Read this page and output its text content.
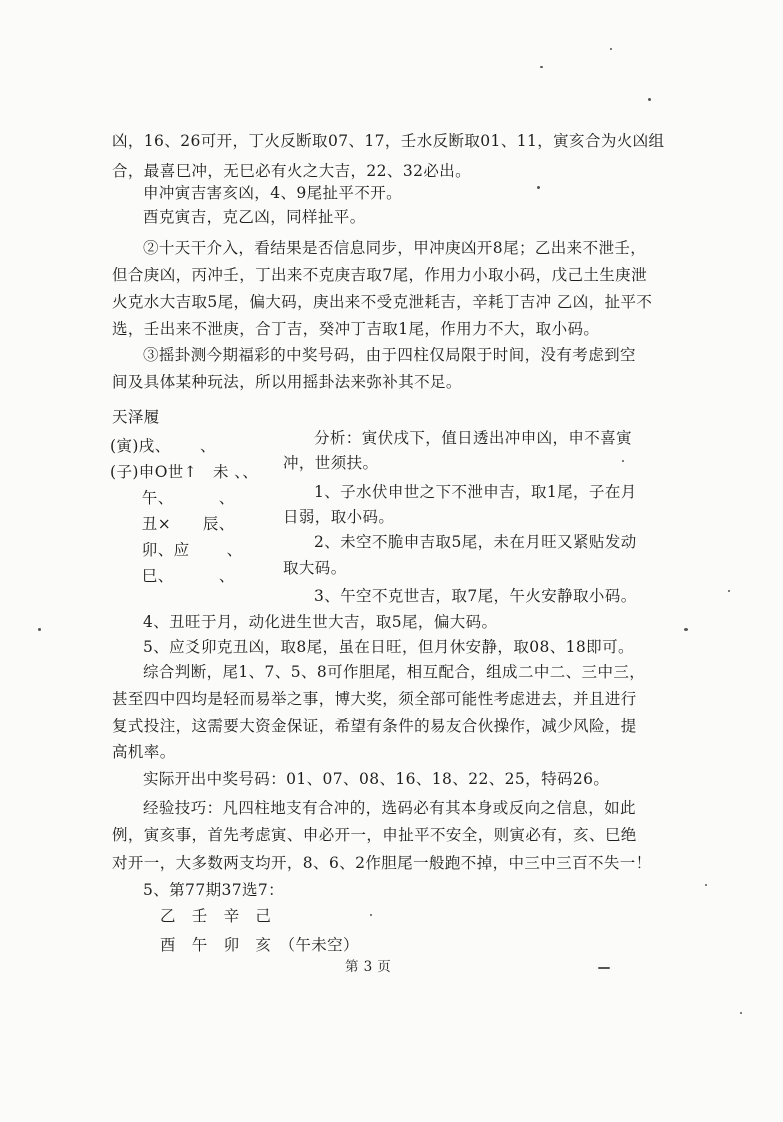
凶，16、26可开，丁火反断取07、17，壬水反断取01、11，寅亥合为火凶组
合，最喜巳冲，无巳必有火之大吉，22、32必出。
申冲寅吉害亥凶，4、9尾扯平不开。
酉克寅吉，克乙凶，同样扯平。
②十天干介入，看结果是否信息同步，甲冲庚凶开8尾；乙出来不泄壬，
但合庚凶，丙冲壬，丁出来不克庚吉取7尾，作用力小取小码，戊己土生庚泄
火克水大吉取5尾，偏大码，庚出来不受克泄耗吉，辛耗丁吉冲 乙凶，扯平不
选，壬出来不泄庚，合丁吉，癸冲丁吉取1尾，作用力不大，取小码。
③摇卦测今期福彩的中奖号码，由于四柱仅局限于时间，没有考虑到空
间及具体某种玩法，所以用摇卦法来弥补其不足。
天泽履
(寅)戌、　　 、
(子)申O世↑　未 、、
　　午、　　　 、
　　丑×　　辰、
　　卯、应　　 、
　　巳、　　　 、
分析：寅伏戌下，值日透出冲申凶，申不喜寅
冲，世须扶。
1、子水伏申世之下不泄申吉，取1尾，子在月
日弱，取小码。
2、未空不脆申吉取5尾，未在月旺又紧贴发动
取大码。
3、午空不克世吉，取7尾，午火安静取小码。
4、丑旺于月，动化进生世大吉，取5尾，偏大码。
5、应爻卯克丑凶，取8尾，虽在日旺，但月休安静，取08、18即可。
综合判断，尾1、7、5、8可作胆尾，相互配合，组成二中二、三中三，
甚至四中四均是轻而易举之事，博大奖，须全部可能性考虑进去，并且进行
复式投注，这需要大资金保证，希望有条件的易友合伙操作，减少风险，提
高机率。
实际开出中奖号码：01、07、08、16、18、22、25，特码26。
经验技巧：凡四柱地支有合冲的，选码必有其本身或反向之信息，如此
例，寅亥事，首先考虑寅、申必开一，申扯平不安全，则寅必有，亥、巳绝
对开一，大多数两支均开，8、6、2作胆尾一般跑不掉，中三中三百不失一！
5、第77期37选7：
乙　壬　辛　己
酉　午　卯　亥　（午未空）
第 3 页
